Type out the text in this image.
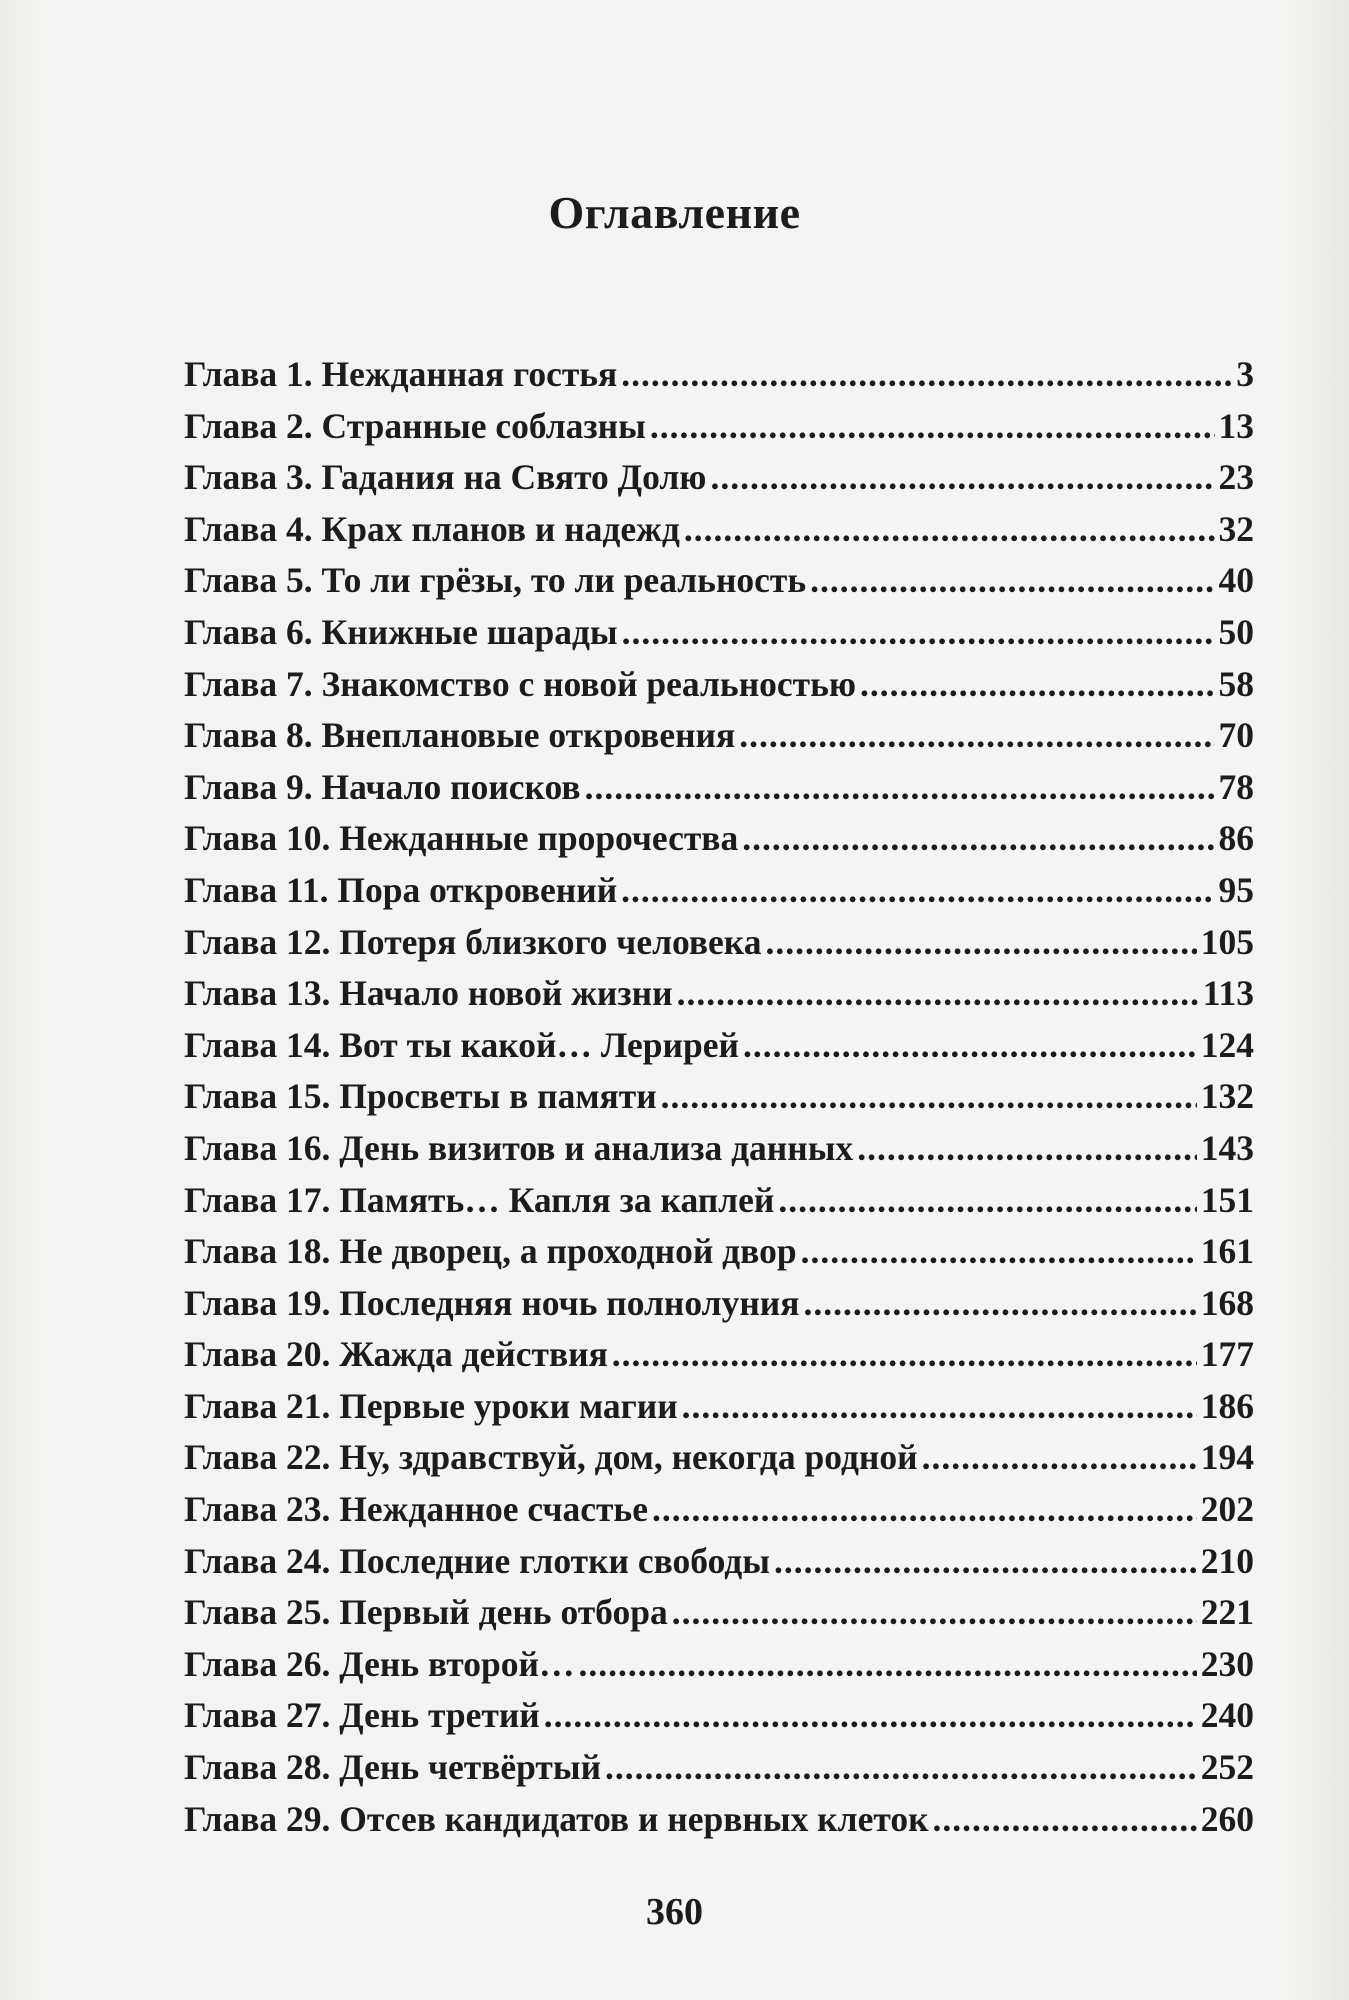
Оглавление
Глава 1. Нежданная гостья .....	3
Глава 2. Странные соблазны .....	13
Глава 3. Гадания на Свято Долю .....	23
Глава 4. Крах планов и надежд .....	32
Глава 5. То ли грёзы, то ли реальность .....	40
Глава 6. Книжные шарады .....	50
Глава 7. Знакомство с новой реальностью .....	58
Глава 8. Внеплановые откровения .....	70
Глава 9. Начало поисков .....	78
Глава 10. Нежданные пророчества .....	86
Глава 11. Пора откровений .....	95
Глава 12. Потеря близкого человека .....	105
Глава 13. Начало новой жизни .....	113
Глава 14. Вот ты какой… Лерирей .....	124
Глава 15. Просветы в памяти .....	132
Глава 16. День визитов и анализа данных .....	143
Глава 17. Память… Капля за каплей .....	151
Глава 18. Не дворец, а проходной двор .....	161
Глава 19. Последняя ночь полнолуния .....	168
Глава 20. Жажда действия .....	177
Глава 21. Первые уроки магии .....	186
Глава 22. Ну, здравствуй, дом, некогда родной .....	194
Глава 23. Нежданное счастье .....	202
Глава 24. Последние глотки свободы .....	210
Глава 25. Первый день отбора .....	221
Глава 26. День второй… .....	230
Глава 27. День третий .....	240
Глава 28. День четвёртый .....	252
Глава 29. Отсев кандидатов и нервных клеток .....	260
360
